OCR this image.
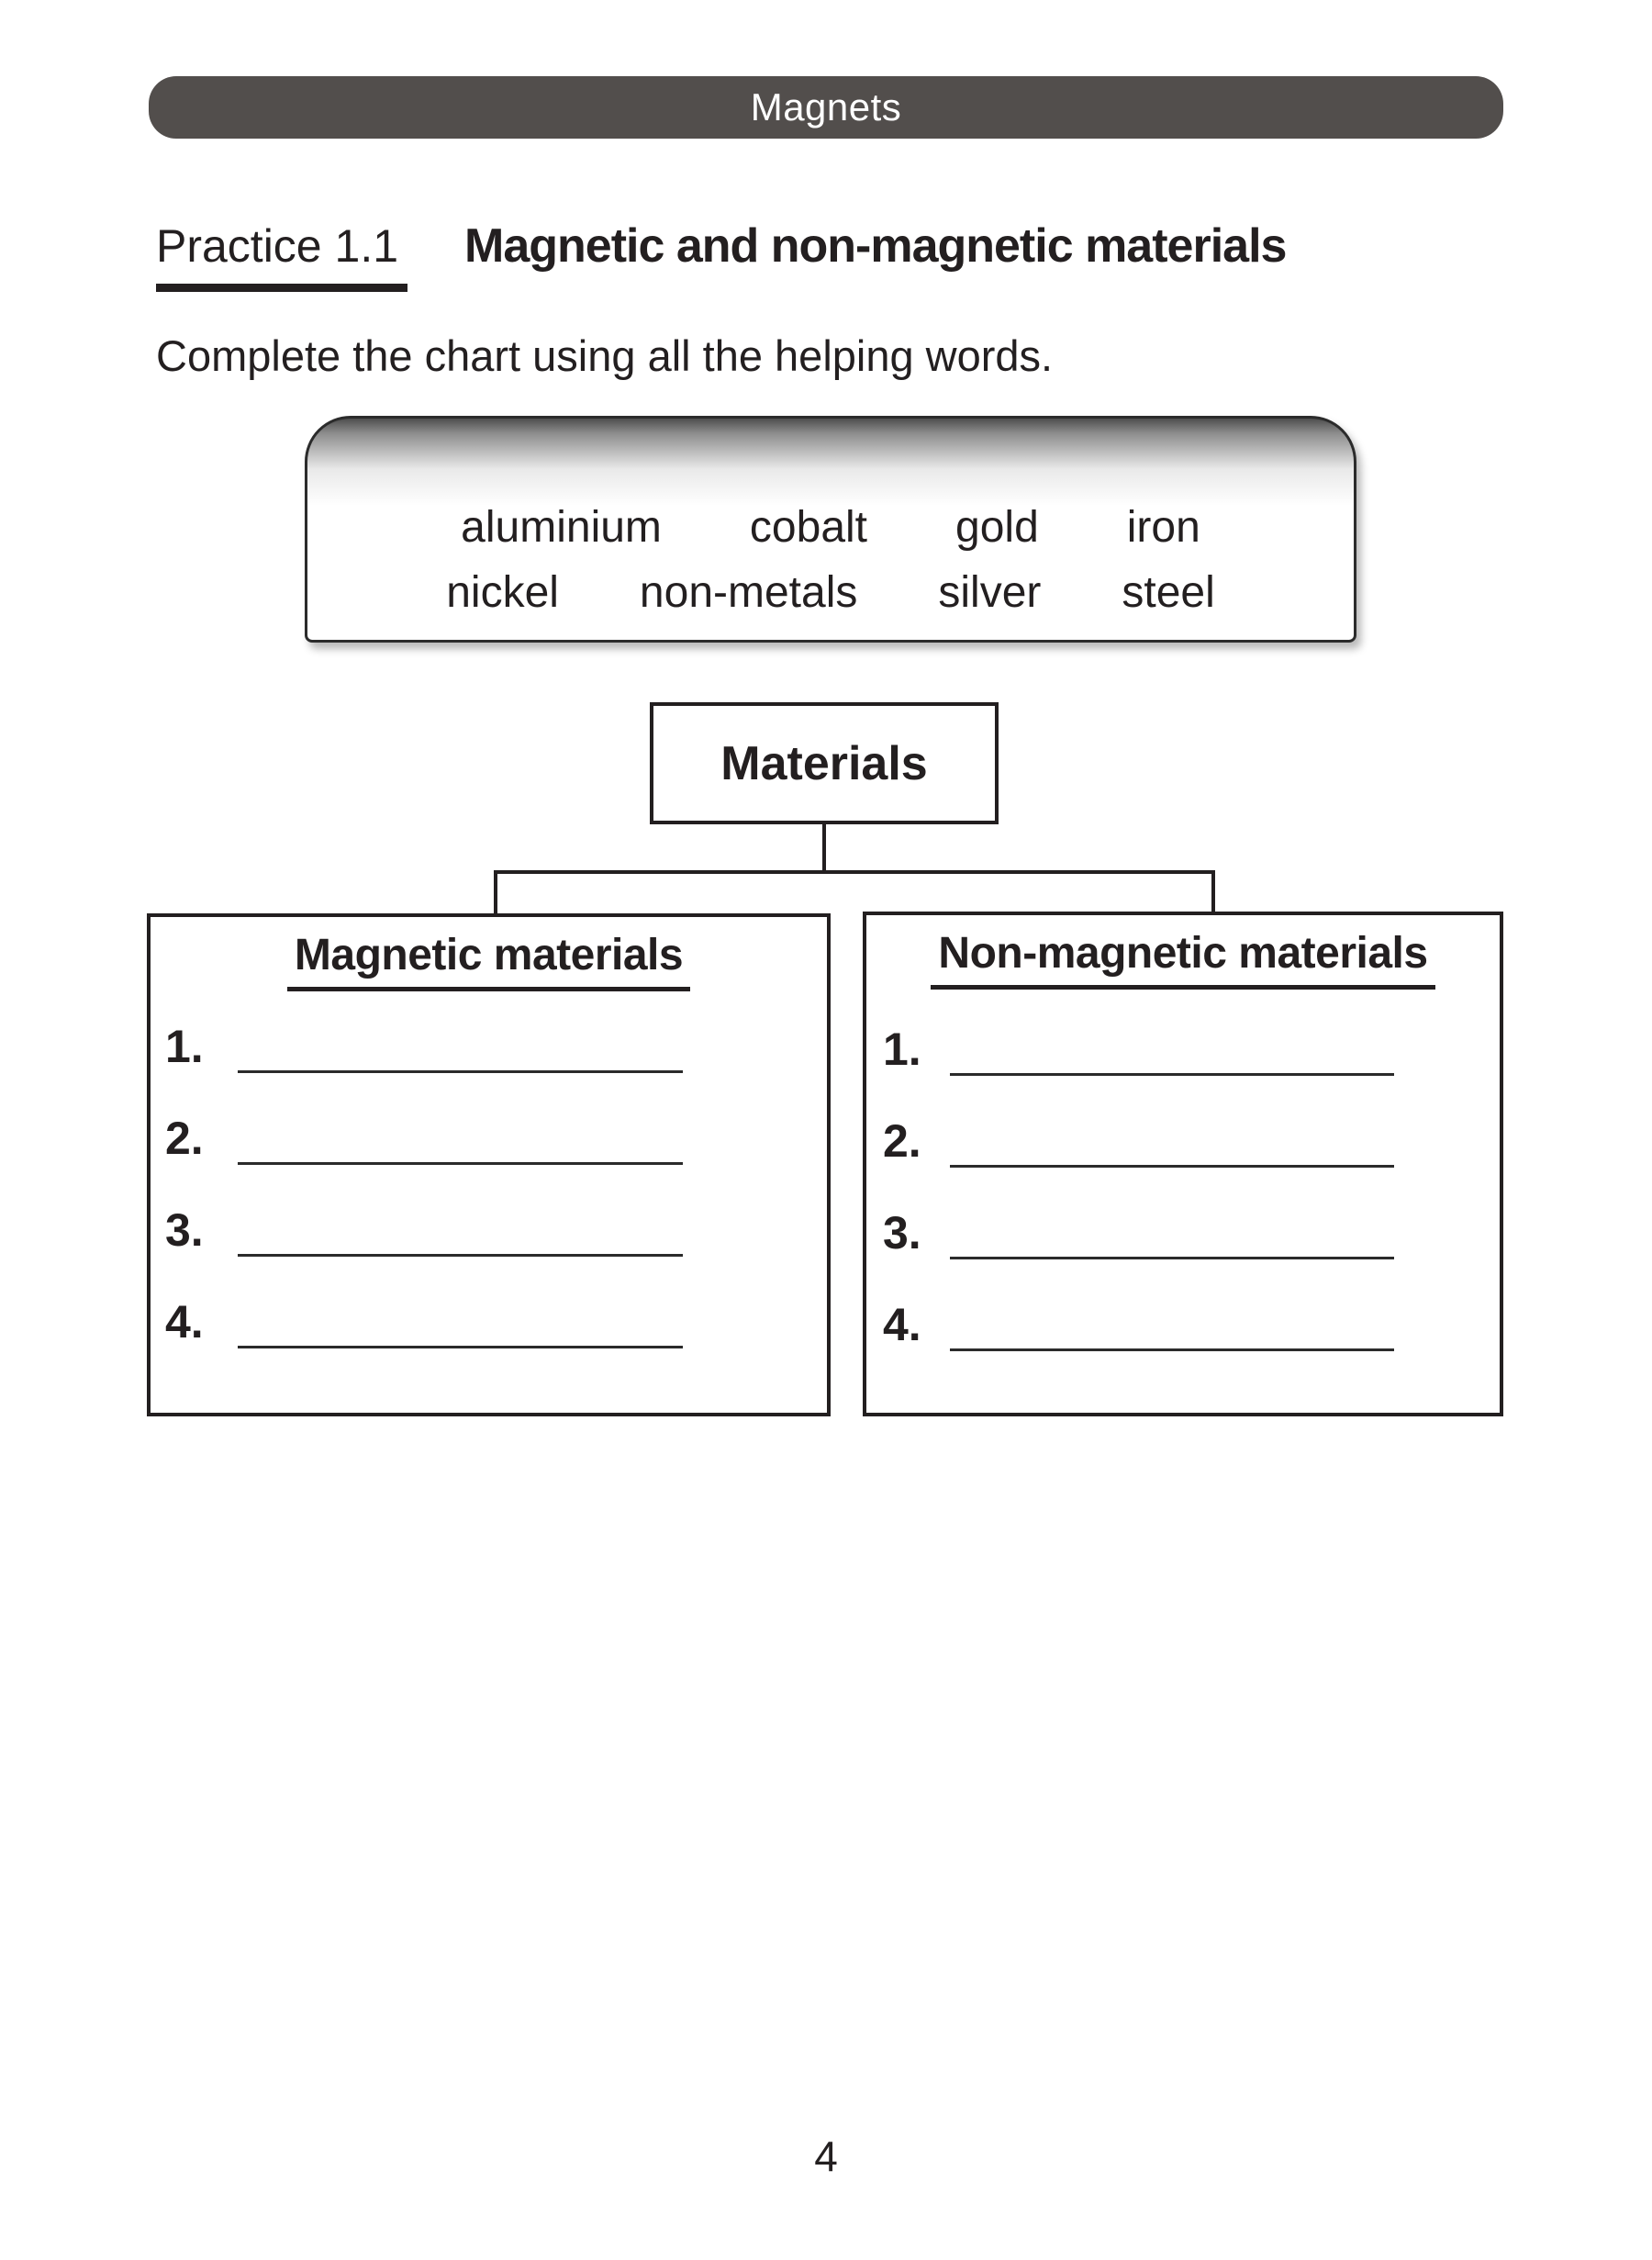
Magnets
Practice 1.1 Magnetic and non-magnetic materials
Complete the chart using all the helping words.
aluminium cobalt gold iron
nickel non-metals silver steel
Materials
Magnetic materials
1.
2.
3.
4.
Non-magnetic materials
1.
2.
3.
4.
4
